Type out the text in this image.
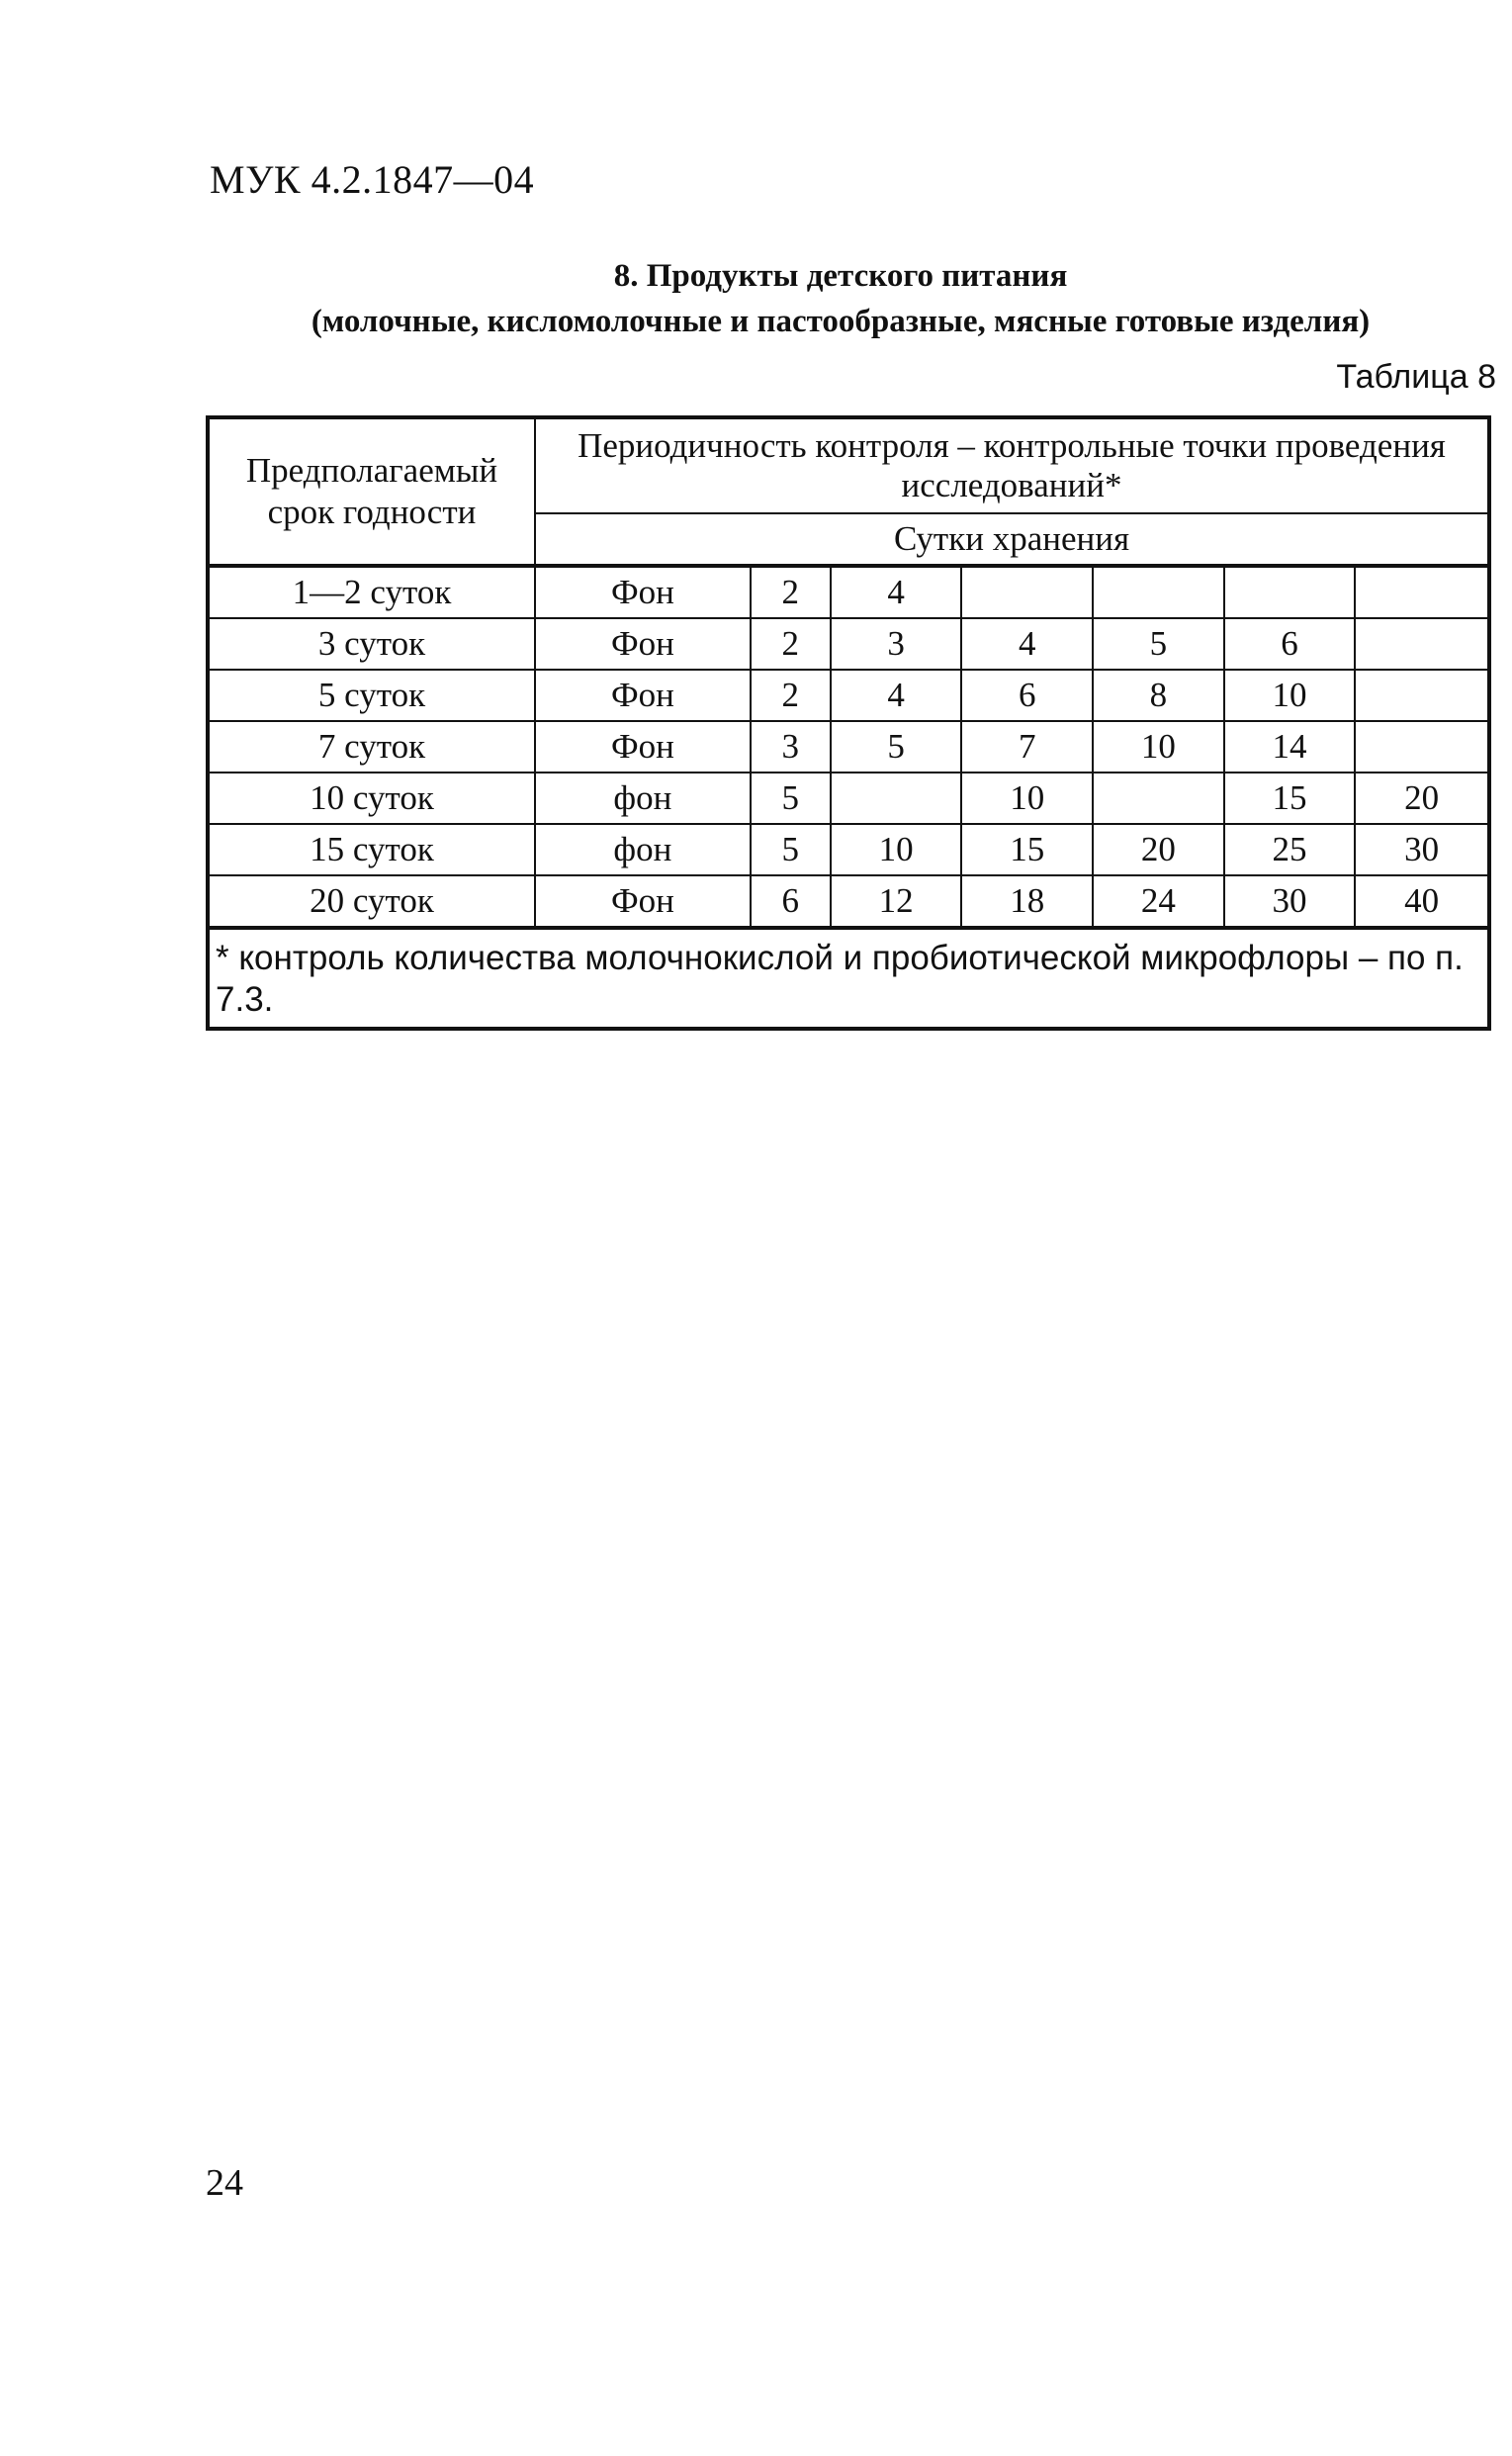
МУК 4.2.1847—04
8. Продукты детского питания
(молочные, кисломолочные и пастообразные, мясные готовые изделия)
Таблица 8
Предполагаемый срок годности	Периодичность контроля – контрольные точки проведения исследований*						
	Сутки хранения						
1—2 суток	Фон	2	4				
3 суток	Фон	2	3	4	5	6	
5 суток	Фон	2	4	6	8	10	
7 суток	Фон	3	5	7	10	14	
10 суток	фон	5		10		15	20
15 суток	фон	5	10	15	20	25	30
20 суток	Фон	6	12	18	24	30	40
* контроль количества молочнокислой и пробиотической микрофлоры – по п. 7.3.							
24
